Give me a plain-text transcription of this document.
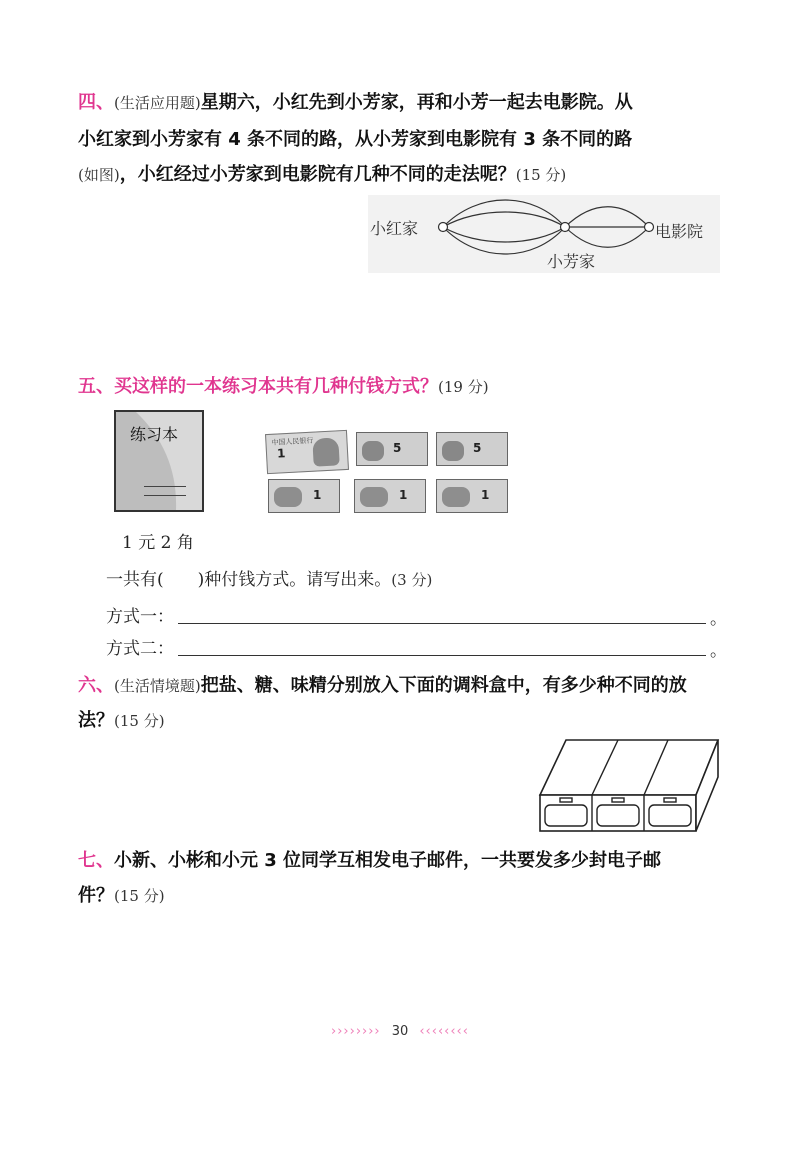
四、(生活应用题)星期六，小红先到小芳家，再和小芳一起去电影院。从
小红家到小芳家有 4 条不同的路，从小芳家到电影院有 3 条不同的路
(如图)，小红经过小芳家到电影院有几种不同的走法呢？(15 分)
小红家
小芳家
电影院
五、买这样的一本练习本共有几种付钱方式？(19 分)
练习本	中国人民银行
1	5	5
1	1	1
1 元 2 角
一共有( )种付钱方式。请写出来。(3 分)
方式一：	。
方式二：	。
六、(生活情境题)把盐、糖、味精分别放入下面的调料盒中，有多少种不同的放
法？(15 分)
七、小新、小彬和小元 3 位同学互相发电子邮件，一共要发多少封电子邮
件？(15 分)
›››››››› 30 ‹‹‹‹‹‹‹‹
